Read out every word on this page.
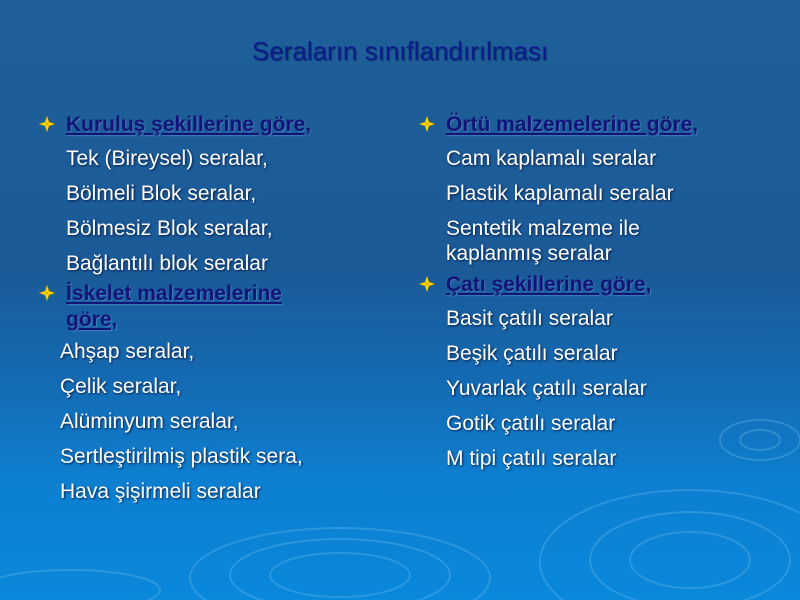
Seraların sınıflandırılması
Kuruluş şekillerine göre,
Tek (Bireysel) seralar,
Bölmeli Blok seralar,
Bölmesiz Blok seralar,
Bağlantılı blok seralar
İskelet malzemelerine
göre,
Ahşap seralar,
Çelik seralar,
Alüminyum seralar,
Sertleştirilmiş plastik sera,
Hava şişirmeli seralar
Örtü malzemelerine göre,
Cam kaplamalı seralar
Plastik kaplamalı seralar
Sentetik malzeme ile
kaplanmış seralar
Çatı şekillerine göre,
Basit çatılı seralar
Beşik çatılı seralar
Yuvarlak çatılı seralar
Gotik çatılı seralar
M tipi çatılı seralar
